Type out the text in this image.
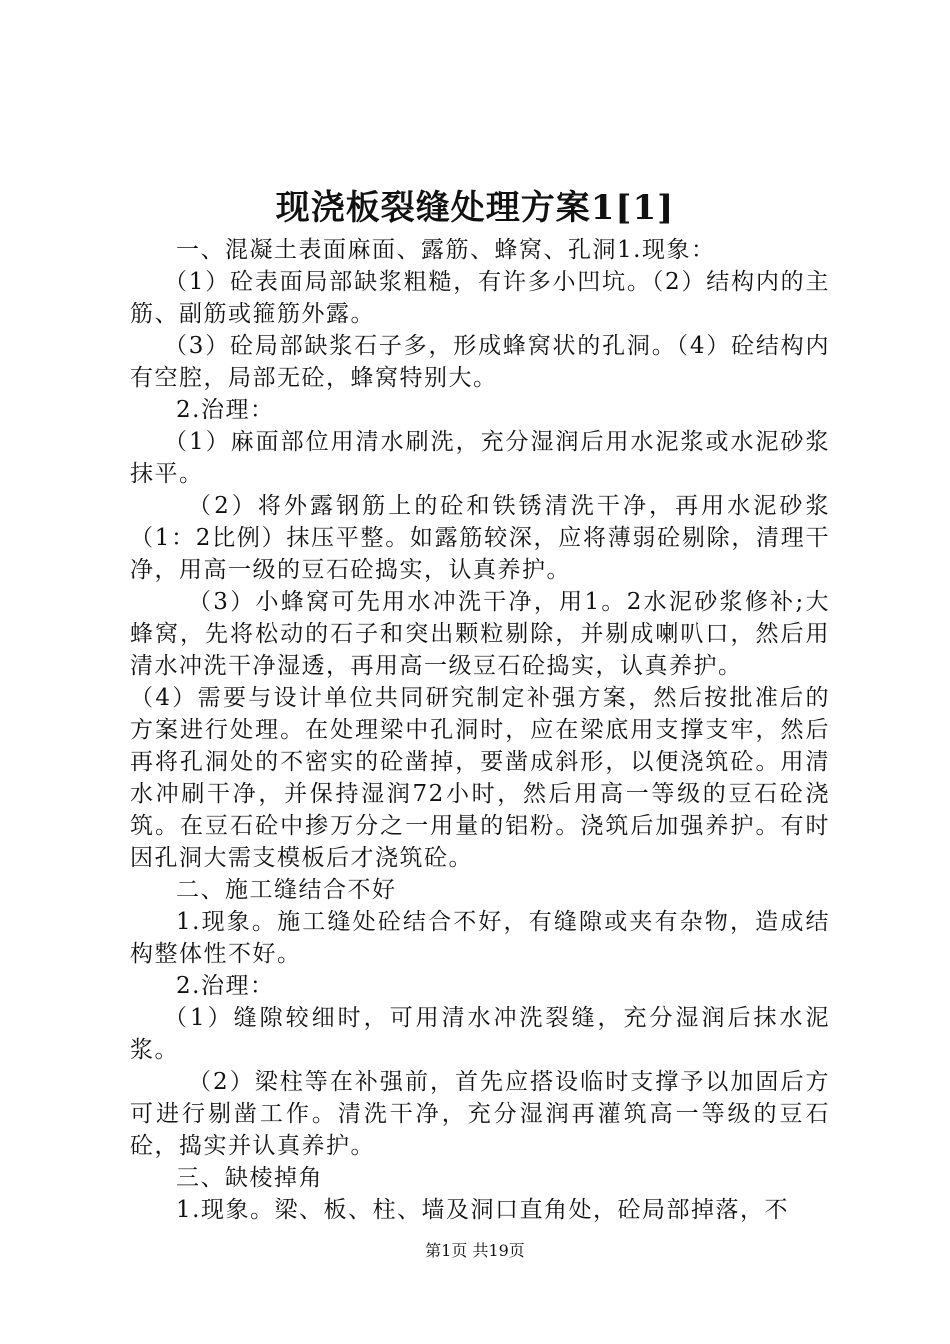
现浇板裂缝处理方案1[1]

一、混凝土表面麻面、露筋、蜂窝、孔洞1.现象：

（1）砼表面局部缺浆粗糙，有许多小凹坑。（2）结构内的主筋、副筋或箍筋外露。

（3）砼局部缺浆石子多，形成蜂窝状的孔洞。（4）砼结构内有空腔，局部无砼，蜂窝特别大。

2.治理：

（1）麻面部位用清水刷洗，充分湿润后用水泥浆或水泥砂浆抹平。

（2）将外露钢筋上的砼和铁锈清洗干净，再用水泥砂浆（1：2比例）抹压平整。如露筋较深，应将薄弱砼剔除，清理干净，用高一级的豆石砼捣实，认真养护。

（3）小蜂窝可先用水冲洗干净，用1。2水泥砂浆修补;大蜂窝，先将松动的石子和突出颗粒剔除，并剔成喇叭口，然后用清水冲洗干净湿透，再用高一级豆石砼捣实，认真养护。

（4）需要与设计单位共同研究制定补强方案，然后按批准后的方案进行处理。在处理梁中孔洞时，应在梁底用支撑支牢，然后再将孔洞处的不密实的砼凿掉，要凿成斜形，以便浇筑砼。用清水冲刷干净，并保持湿润72小时，然后用高一等级的豆石砼浇筑。在豆石砼中掺万分之一用量的铝粉。浇筑后加强养护。有时因孔洞大需支模板后才浇筑砼。

二、施工缝结合不好

1.现象。施工缝处砼结合不好，有缝隙或夹有杂物，造成结构整体性不好。

2.治理：

（1）缝隙较细时，可用清水冲洗裂缝，充分湿润后抹水泥浆。

（2）梁柱等在补强前，首先应搭设临时支撑予以加固后方可进行剔凿工作。清洗干净，充分湿润再灌筑高一等级的豆石砼，捣实并认真养护。

三、缺棱掉角

1.现象。梁、板、柱、墙及洞口直角处，砼局部掉落，不

第1页 共19页
